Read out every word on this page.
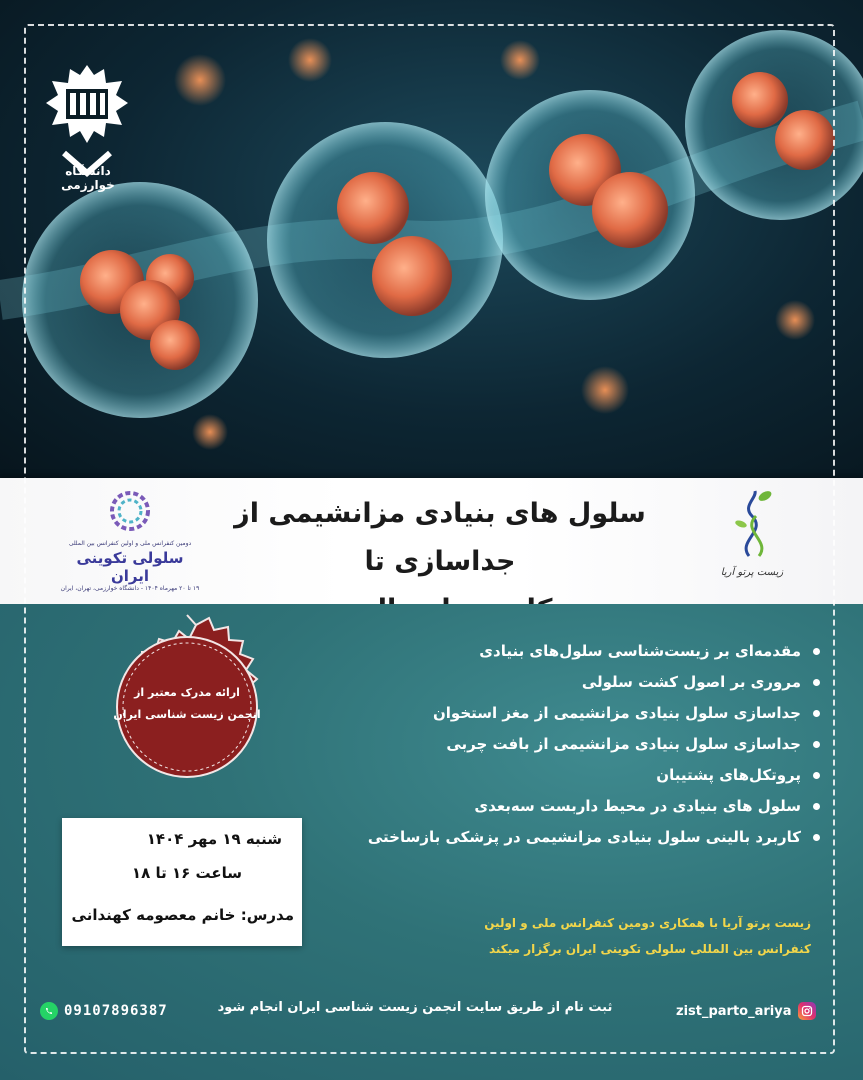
دانشگاه خوارزمی
سلول های بنیادی مزانشیمی از جداسازی تا
دومین کنفرانس ملی و اولین کنفرانس بین المللی
سلولی تکوینی ایران
۱۹ تا ۲۰ مهرماه ۱۴۰۴ - دانشگاه خوارزمی، تهران، ایران
زیست پرتو آریا
ارائه مدرک معتبر از
انجمن زیست شناسی ایران
مقدمه‌ای بر زیست‌شناسی سلول‌های بنیادی
مروری بر اصول کشت سلولی
جداسازی سلول بنیادی مزانشیمی از مغز استخوان
جداسازی سلول بنیادی مزانشیمی از بافت چربی
پروتکل‌های پشتیبان
سلول های بنیادی در محیط داربست سه‌بعدی
کاربرد بالینی سلول بنیادی مزانشیمی در پزشکی بازساختی
شنبه ۱۹ مهر ۱۴۰۴
ساعت ۱۶ تا ۱۸
مدرس: خانم معصومه کهندانی	زیست پرتو آریا با همکاری دومین کنفرانس ملی و اولین
کنفرانس بین المللی سلولی تکوینی ایران برگزار میکند
09107896387	ثبت نام از طریق سایت انجمن زیست شناسی ایران انجام شود	zist_parto_ariya
